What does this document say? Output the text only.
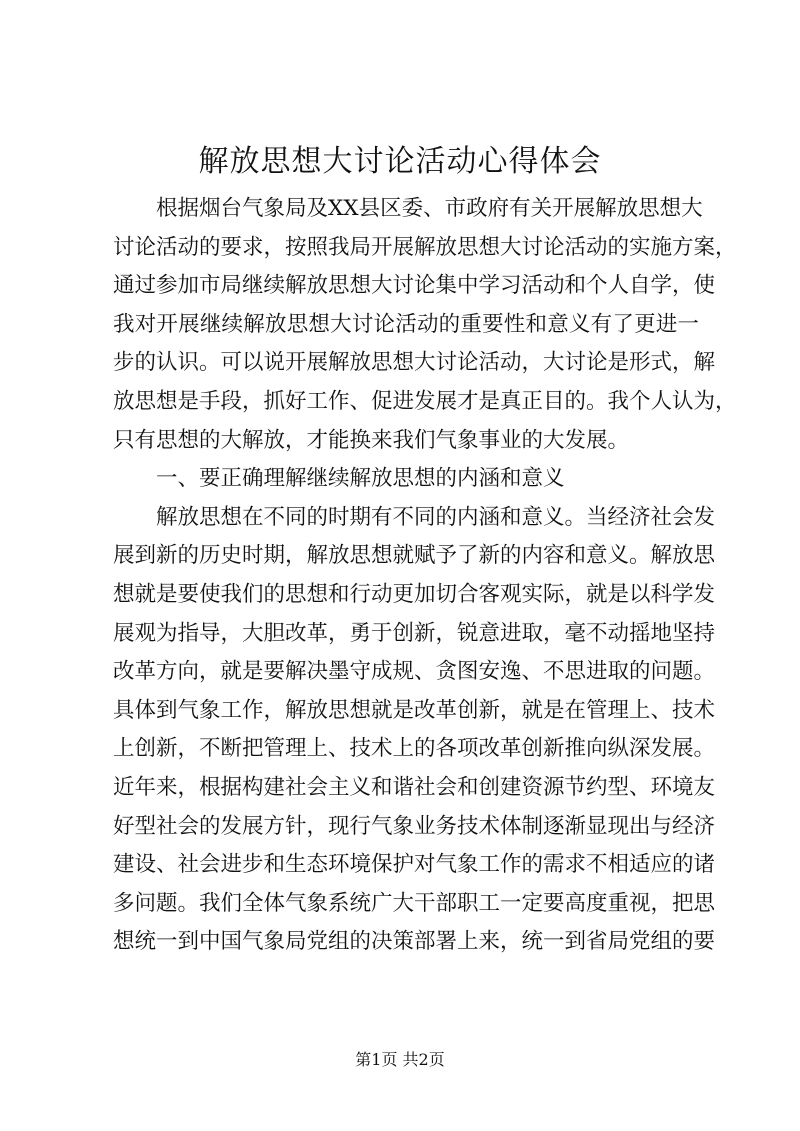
解放思想大讨论活动心得体会
根据烟台气象局及XX县区委、市政府有关开展解放思想大
讨论活动的要求，按照我局开展解放思想大讨论活动的实施方案，
通过参加市局继续解放思想大讨论集中学习活动和个人自学，使
我对开展继续解放思想大讨论活动的重要性和意义有了更进一
步的认识。可以说开展解放思想大讨论活动，大讨论是形式，解
放思想是手段，抓好工作、促进发展才是真正目的。我个人认为，
只有思想的大解放，才能换来我们气象事业的大发展。
一、要正确理解继续解放思想的内涵和意义
解放思想在不同的时期有不同的内涵和意义。当经济社会发
展到新的历史时期，解放思想就赋予了新的内容和意义。解放思
想就是要使我们的思想和行动更加切合客观实际，就是以科学发
展观为指导，大胆改革，勇于创新，锐意进取，毫不动摇地坚持
改革方向，就是要解决墨守成规、贪图安逸、不思进取的问题。
具体到气象工作，解放思想就是改革创新，就是在管理上、技术
上创新，不断把管理上、技术上的各项改革创新推向纵深发展。
近年来，根据构建社会主义和谐社会和创建资源节约型、环境友
好型社会的发展方针，现行气象业务技术体制逐渐显现出与经济
建设、社会进步和生态环境保护对气象工作的需求不相适应的诸
多问题。我们全体气象系统广大干部职工一定要高度重视，把思
想统一到中国气象局党组的决策部署上来，统一到省局党组的要
第1页 共2页
